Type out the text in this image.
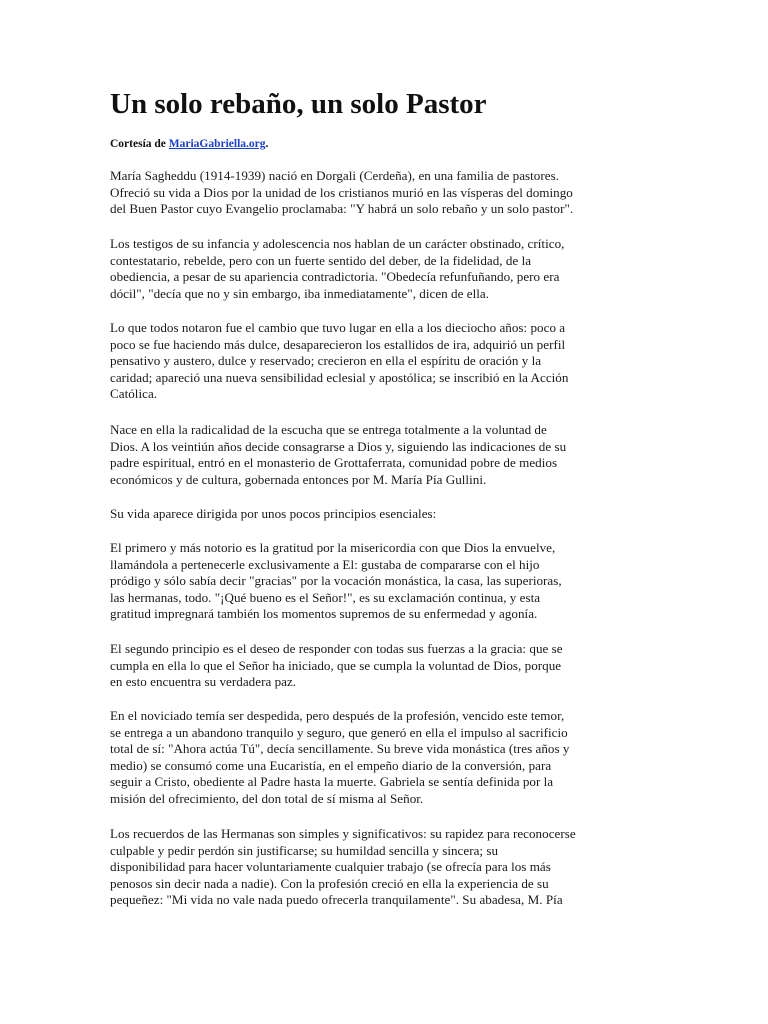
Un solo rebaño, un solo Pastor
Cortesía de MariaGabriella.org.
María Sagheddu (1914-1939) nació en Dorgali (Cerdeña), en una familia de pastores.
Ofreció su vida a Dios por la unidad de los cristianos murió en las vísperas del domingo
del Buen Pastor cuyo Evangelio proclamaba: "Y habrá un solo rebaño y un solo pastor".
Los testigos de su infancia y adolescencia nos hablan de un carácter obstinado, crítico,
contestatario, rebelde, pero con un fuerte sentido del deber, de la fidelidad, de la
obediencia, a pesar de su apariencia contradictoria. "Obedecía refunfuñando, pero era
dócil", "decía que no y sin embargo, iba inmediatamente", dicen de ella.
Lo que todos notaron fue el cambio que tuvo lugar en ella a los dieciocho años: poco a
poco se fue haciendo más dulce, desaparecieron los estallidos de ira, adquirió un perfil
pensativo y austero, dulce y reservado; crecieron en ella el espíritu de oración y la
caridad; apareció una nueva sensibilidad eclesial y apostólica; se inscribió en la Acción
Católica.
Nace en ella la radicalidad de la escucha que se entrega totalmente a la voluntad de
Dios. A los veintiún años decide consagrarse a Dios y, siguiendo las indicaciones de su
padre espiritual, entró en el monasterio de Grottaferrata, comunidad pobre de medios
económicos y de cultura, gobernada entonces por M. María Pía Gullini.
Su vida aparece dirigida por unos pocos principios esenciales:
El primero y más notorio es la gratitud por la misericordia con que Dios la envuelve,
llamándola a pertenecerle exclusivamente a El: gustaba de compararse con el hijo
pródigo y sólo sabía decir "gracias" por la vocación monástica, la casa, las superioras,
las hermanas, todo. "¡Qué bueno es el Señor!", es su exclamación continua, y esta
gratitud impregnará también los momentos supremos de su enfermedad y agonía.
El segundo principio es el deseo de responder con todas sus fuerzas a la gracia: que se
cumpla en ella lo que el Señor ha iniciado, que se cumpla la voluntad de Dios, porque
en esto encuentra su verdadera paz.
En el noviciado temía ser despedida, pero después de la profesión, vencido este temor,
se entrega a un abandono tranquilo y seguro, que generó en ella el impulso al sacrificio
total de sí: "Ahora actúa Tú", decía sencillamente. Su breve vida monástica (tres años y
medio) se consumó come una Eucaristía, en el empeño diario de la conversión, para
seguir a Cristo, obediente al Padre hasta la muerte. Gabriela se sentía definida por la
misión del ofrecimiento, del don total de sí misma al Señor.
Los recuerdos de las Hermanas son simples y significativos: su rapidez para reconocerse
culpable y pedir perdón sin justificarse; su humildad sencilla y sincera; su
disponibilidad para hacer voluntariamente cualquier trabajo (se ofrecía para los más
penosos sin decir nada a nadie). Con la profesión creció en ella la experiencia de su
pequeñez: "Mi vida no vale nada puedo ofrecerla tranquilamente". Su abadesa, M. Pía
